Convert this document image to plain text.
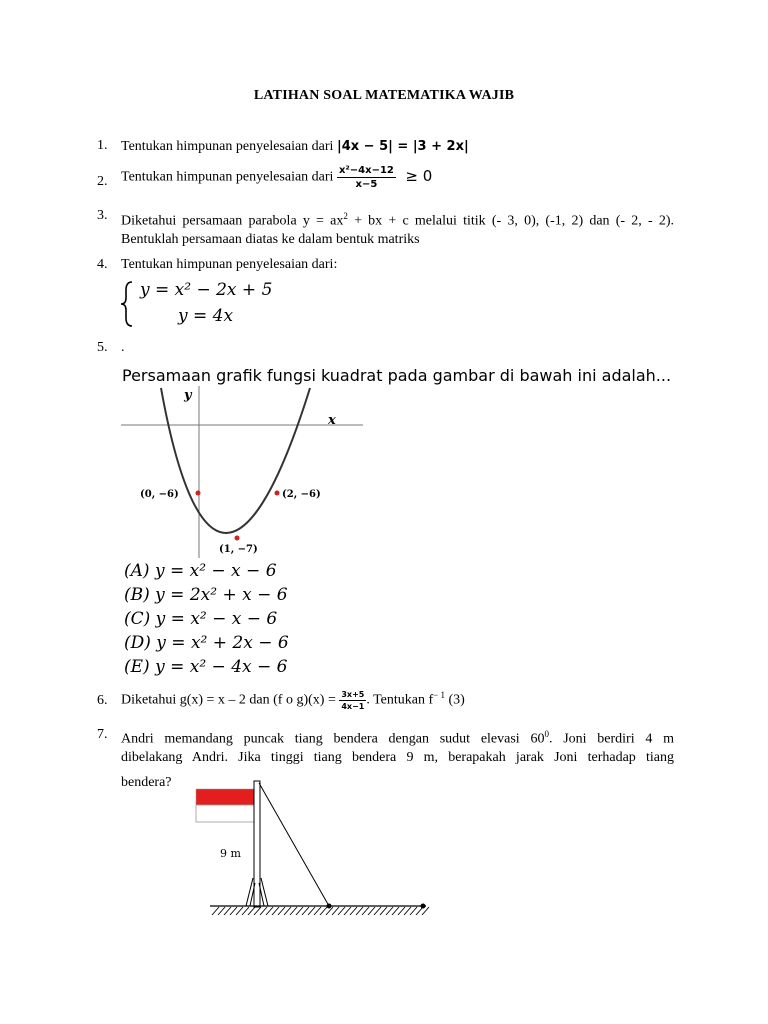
LATIHAN SOAL MATEMATIKA WAJIB
1. Tentukan himpunan penyelesaian dari |4x − 5| = |3 + 2x|
2. Tentukan himpunan penyelesaian dari $\frac{\text{x²−4x−12}}{x-5} \ge 0$
3. Diketahui persamaan parabola $y = ax^2$ + bx + c melalui titik (- 3, 0), (-1, 2) dan (- 2, - 2).
Bentuklah persamaan diatas ke dalam bentuk matriks
4. Tentukan himpunan penyelesaian dari:
y = x² − 2x + 5
y = 4x
5. .
Persamaan grafik fungsi kuadrat pada gambar di bawah ini adalah...
y
x
(0, −6)	(2, −6)
(1, −7)
(A) y = x² − x − 6
(B) y = 2x² + x − 6
(C) y = x² − x − 6
(D) y = x² + 2x − 6
(E) y = x² − 4x − 6
6. Diketahui g(x) = x – 2 dan (f o $g)(x) = \frac{3x+5}{4x-1}$ . Tentukan $f^{- 1}$ (3)
7. Andri memandang puncak tiang bendera dengan sudut elevasi $60^0$. Joni berdiri 4 m
dibelakang Andri. Jika tinggi tiang bendera 9 m, berapakah jarak Joni terhadap tiang
bendera?
9 m
